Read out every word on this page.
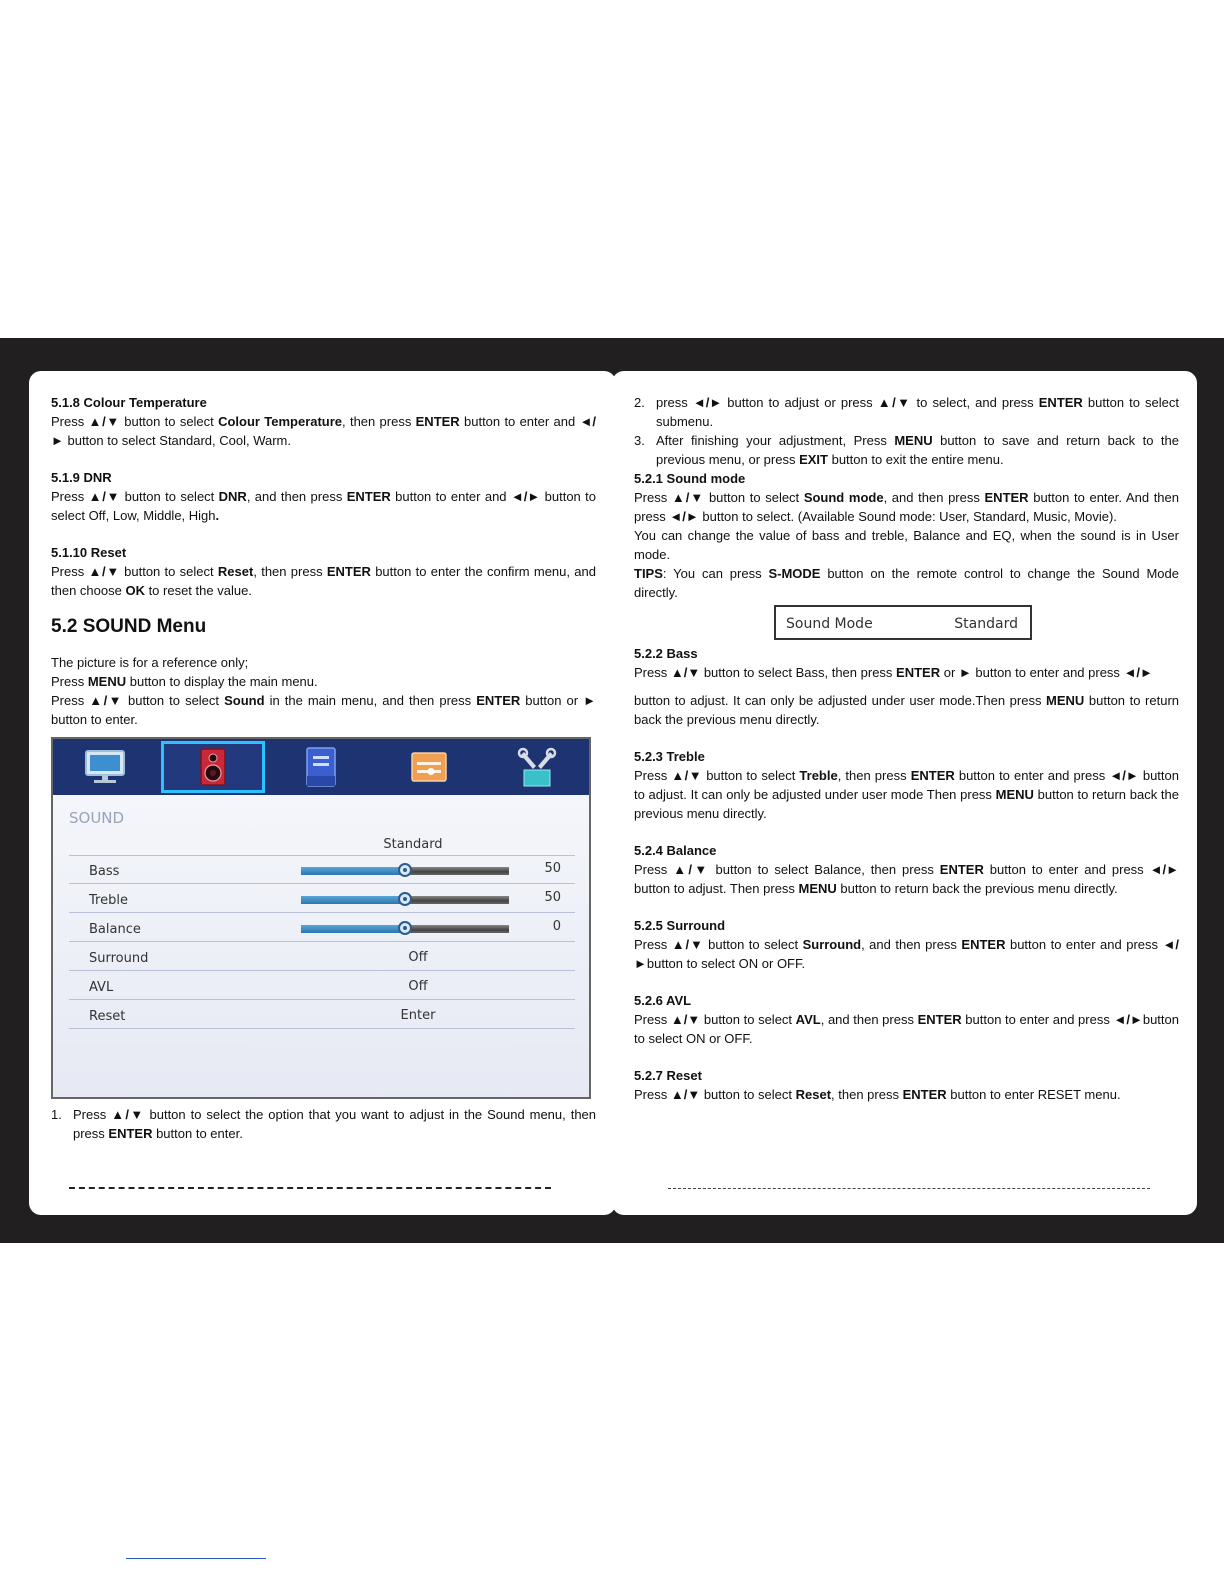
5.1.8 Colour Temperature

Press ▲/▼ button to select Colour Temperature, then press ENTER button to enter and ◄/► button to select Standard, Cool, Warm.

5.1.9 DNR

Press ▲/▼ button to select DNR, and then press ENTER button to enter and ◄/► button to select Off, Low, Middle, High.

5.1.10 Reset

Press ▲/▼ button to select Reset, then press ENTER button to enter the confirm menu, and then choose OK to reset the value.

5.2 SOUND Menu

The picture is for a reference only;

Press MENU button to display the main menu.

Press ▲/▼ button to select Sound in the main menu, and then press ENTER button or ► button to enter.

SOUND
Standard
Bass	50
Treble	50
Balance	0
Surround	Off
AVL	Off
Reset	Enter
1. Press ▲/▼ button to select the option that you want to adjust in the Sound menu, then press ENTER button to enter.
2. press ◄/► button to adjust or press ▲/▼ to select, and press ENTER button to select submenu.
3. After finishing your adjustment, Press MENU button to save and return back to the previous menu, or press EXIT button to exit the entire menu.
5.2.1 Sound mode

Press ▲/▼ button to select Sound mode, and then press ENTER button to enter. And then press ◄/► button to select. (Available Sound mode: User, Standard, Music, Movie).

You can change the value of bass and treble, Balance and EQ, when the sound is in User mode.

TIPS: You can press S-MODE button on the remote control to change the Sound Mode directly.

Sound Mode	Standard
5.2.2 Bass

Press ▲/▼ button to select Bass, then press ENTER or ► button to enter and press ◄/►

button to adjust. It can only be adjusted under user mode.Then press MENU button to return back the previous menu directly.

5.2.3 Treble

Press ▲/▼ button to select Treble, then press ENTER button to enter and press ◄/► button to adjust. It can only be adjusted under user mode Then press MENU button to return back the previous menu directly.

5.2.4 Balance

Press ▲/▼ button to select Balance, then press ENTER button to enter and press ◄/► button to adjust. Then press MENU button to return back the previous menu directly.

5.2.5 Surround

Press ▲/▼ button to select Surround, and then press ENTER button to enter and press ◄/►button to select ON or OFF.

5.2.6 AVL

Press ▲/▼ button to select AVL, and then press ENTER button to enter and press ◄/►button to select ON or OFF.

5.2.7 Reset

Press ▲/▼ button to select Reset, then press ENTER button to enter RESET menu.
